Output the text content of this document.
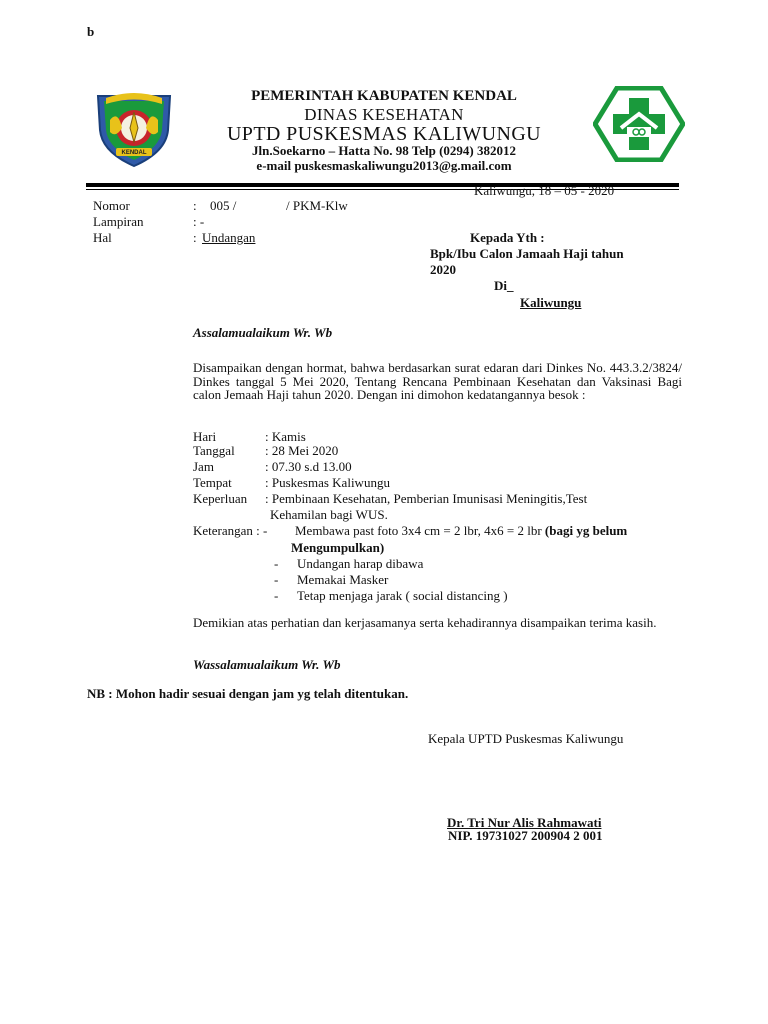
b
KENDAL
PEMERINTAH KABUPATEN KENDAL
DINAS KESEHATAN
UPTD PUSKESMAS KALIWUNGU
Jln.Soekarno – Hatta No. 98 Telp (0294) 382012
e-mail puskesmaskaliwungu2013@g.mail.com
Kaliwungu, 18 – 05 - 2020
Nomor	: 005 /	/ PKM-Klw
Lampiran	: -
Hal	: Undangan	Kepada Yth :
Bpk/Ibu Calon Jamaah Haji tahun
2020
Di_
Kaliwungu
Assalamualaikum Wr. Wb
Disampaikan dengan hormat, bahwa berdasarkan surat edaran dari Dinkes No. 443.3.2/3824/ Dinkes tanggal 5 Mei 2020, Tentang Rencana Pembinaan Kesehatan dan Vaksinasi Bagi calon Jemaah Haji tahun 2020. Dengan ini dimohon kedatangannya besok :
Hari	: Kamis
Tanggal : 28 Mei 2020
Jam	: 07.30 s.d 13.00
Tempat	: Puskesmas Kaliwungu
Keperluan : Pembinaan Kesehatan, Pemberian Imunisasi Meningitis,Test
Kehamilan bagi WUS.
Keterangan : - Membawa past foto 3x4 cm = 2 lbr, 4x6 = 2 lbr (bagi yg belum
Mengumpulkan)
- Undangan harap dibawa
- Memakai Masker
- Tetap menjaga jarak ( social distancing )
Demikian atas perhatian dan kerjasamanya serta kehadirannya disampaikan terima kasih.
Wassalamualaikum Wr. Wb
NB : Mohon hadir sesuai dengan jam yg telah ditentukan.
Kepala UPTD Puskesmas Kaliwungu
Dr. Tri Nur Alis Rahmawati
NIP. 19731027 200904 2 001
